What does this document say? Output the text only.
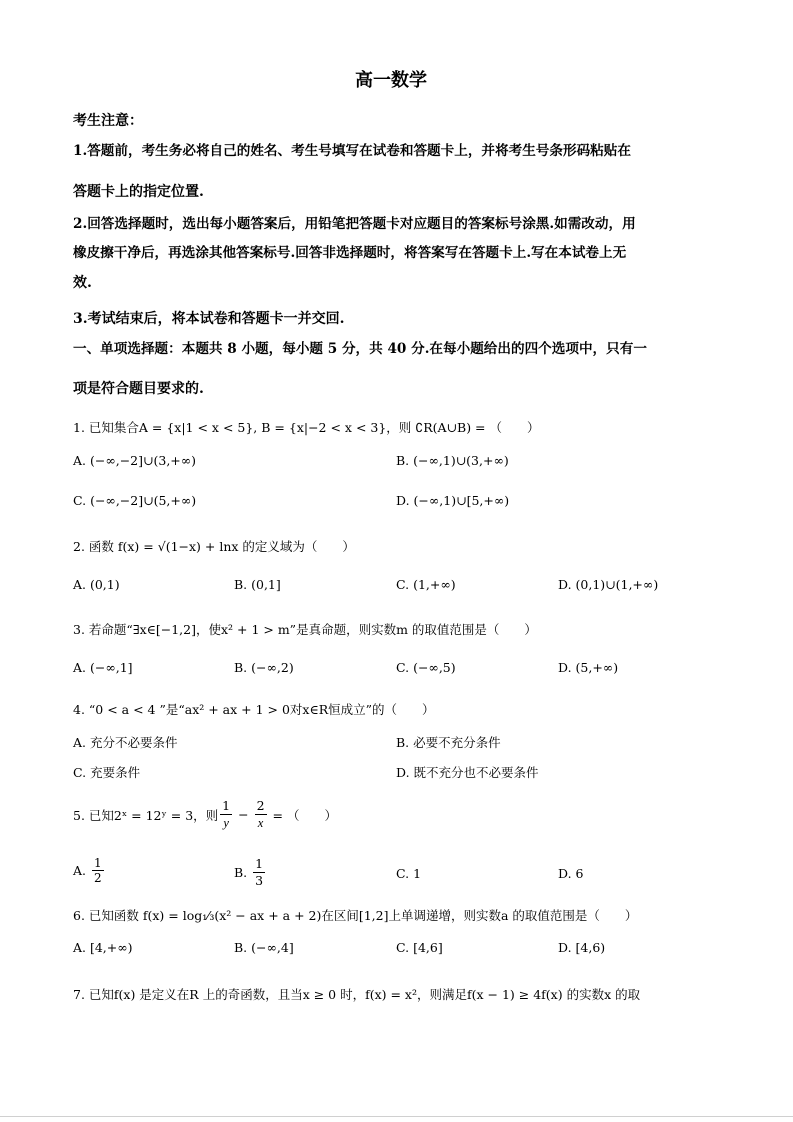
高一数学
考生注意：
1.答题前，考生务必将自己的姓名、考生号填写在试卷和答题卡上，并将考生号条形码粘贴在
答题卡上的指定位置.
2.回答选择题时，选出每小题答案后，用铅笔把答题卡对应题目的答案标号涂黑.如需改动，用
橡皮擦干净后，再选涂其他答案标号.回答非选择题时，将答案写在答题卡上.写在本试卷上无
效.
3.考试结束后，将本试卷和答题卡一并交回.
一、单项选择题：本题共 8 小题，每小题 5 分，共 40 分.在每小题给出的四个选项中，只有一
项是符合题目要求的.
1. 已知集合A = {x|1 < x < 5}, B = {x|−2 < x < 3}，则 ∁R(A∪B) = （　　）
A. (−∞,−2]∪(3,+∞)	B. (−∞,1)∪(3,+∞)
C. (−∞,−2]∪(5,+∞)	D. (−∞,1)∪[5,+∞)
2. 函数 f(x) = √(1−x) + lnx 的定义域为（　　）
A. (0,1)	B. (0,1]	C. (1,+∞)	D. (0,1)∪(1,+∞)
3. 若命题“∃x∈[−1,2]，使x² + 1 > m”是真命题，则实数m 的取值范围是（　　）
A. (−∞,1]	B. (−∞,2)	C. (−∞,5)	D. (5,+∞)
4. “0 < a < 4 ”是“ax² + ax + 1 > 0对x∈R恒成立”的（　　）
A. 充分不必要条件	B. 必要不充分条件
C. 充要条件	D. 既不充分也不必要条件
5. 已知2ˣ = 12ʸ = 3，则 $\frac{1}{y} - \frac{2}{x}$ = （　　）
A. $\frac{1}{2}$	B. $\frac{1}{3}$	C. 1	D. 6
6. 已知函数 f(x) = log₁⁄₃(x² − ax + a + 2)在区间[1,2]上单调递增，则实数a 的取值范围是（　　）
A. [4,+∞)	B. (−∞,4]	C. [4,6]	D. [4,6)
7. 已知f(x) 是定义在R 上的奇函数，且当x ≥ 0 时，f(x) = x²，则满足f(x − 1) ≥ 4f(x) 的实数x 的取
